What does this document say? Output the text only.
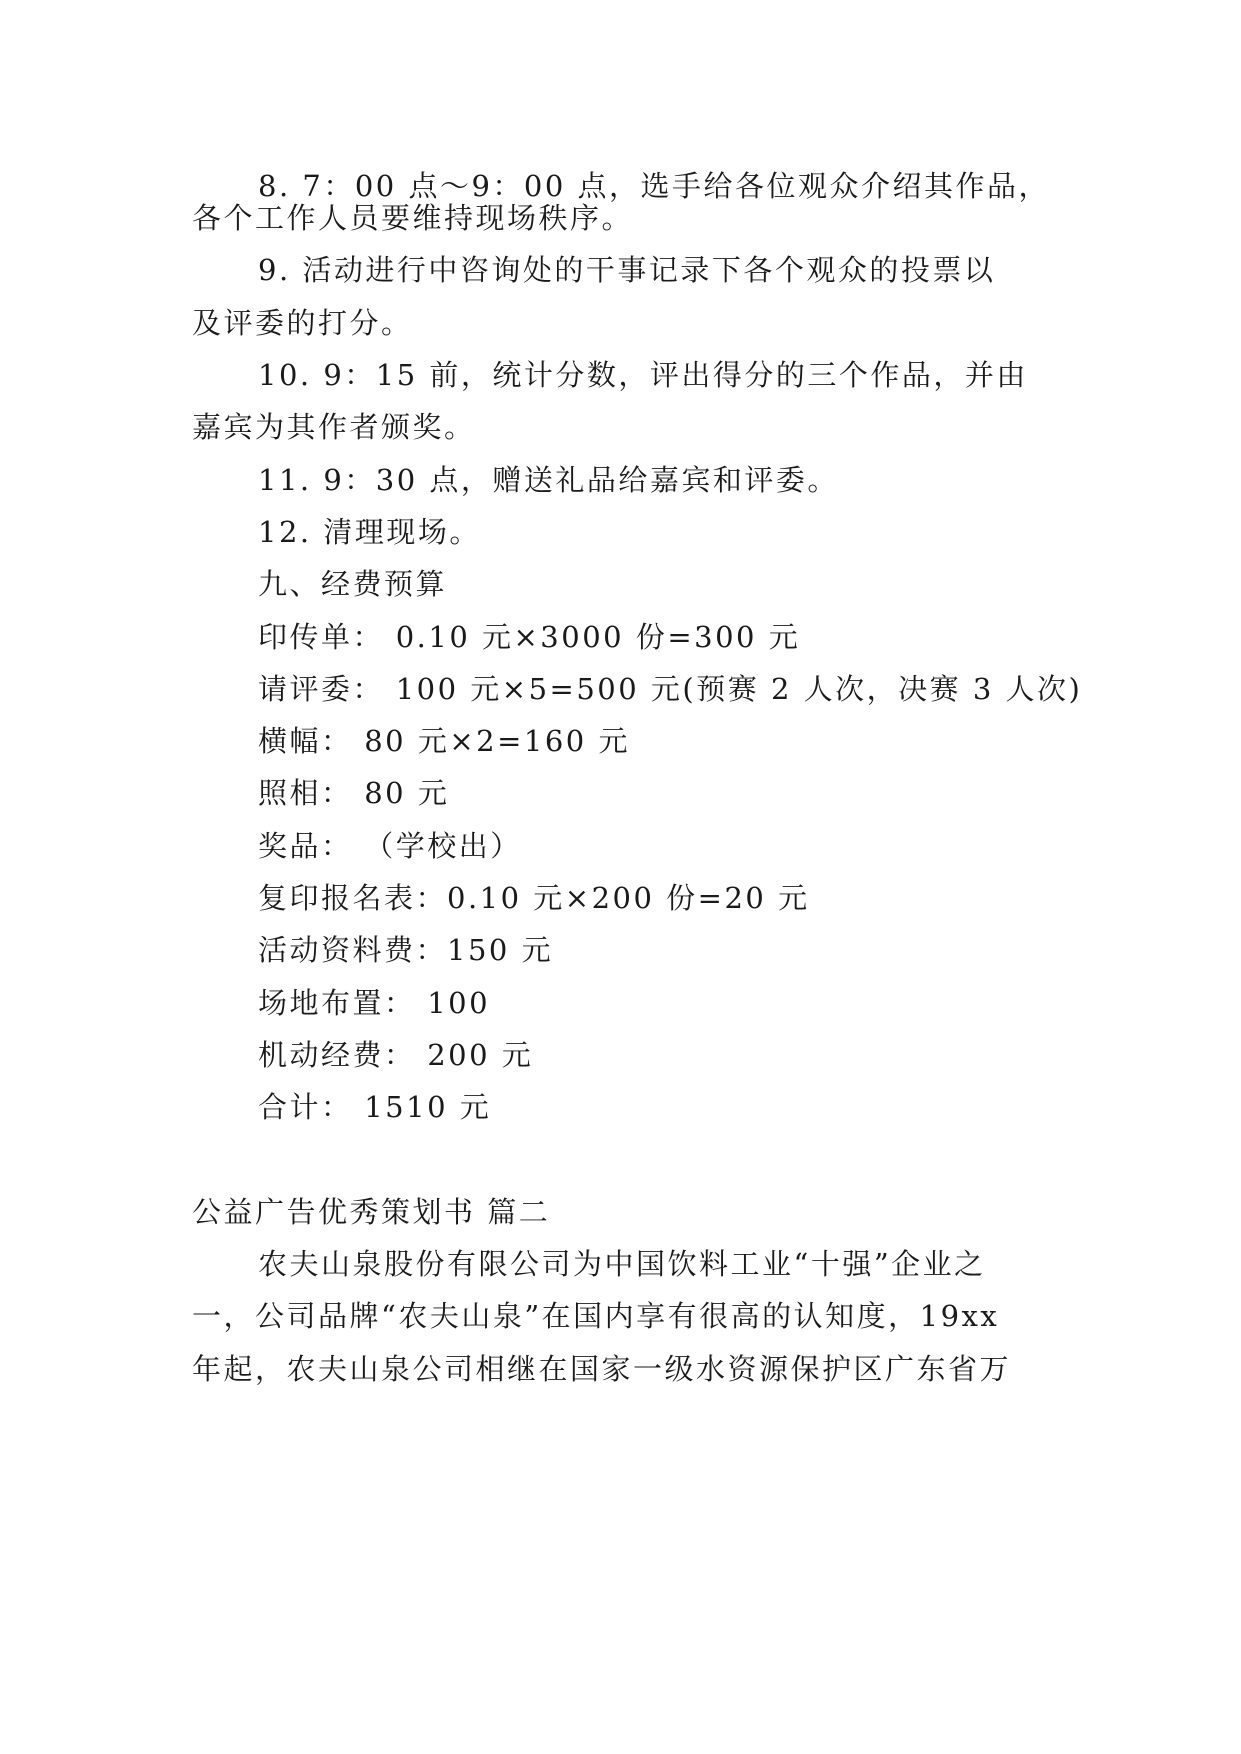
8. 7：00 点～9：00 点，选手给各位观众介绍其作品，
各个工作人员要维持现场秩序。
9. 活动进行中咨询处的干事记录下各个观众的投票以
及评委的打分。
10. 9：15 前，统计分数，评出得分的三个作品，并由
嘉宾为其作者颁奖。
11. 9：30 点，赠送礼品给嘉宾和评委。
12. 清理现场。
九、经费预算
印传单： 0.10 元×3000 份=300 元
请评委： 100 元×5=500 元(预赛 2 人次，决赛 3 人次)
横幅： 80 元×2=160 元
照相： 80 元
奖品： （学校出）
复印报名表：0.10 元×200 份=20 元
活动资料费：150 元
场地布置： 100
机动经费： 200 元
合计： 1510 元
公益广告优秀策划书 篇二
农夫山泉股份有限公司为中国饮料工业“十强”企业之
一，公司品牌“农夫山泉”在国内享有很高的认知度，19xx
年起，农夫山泉公司相继在国家一级水资源保护区广东省万
